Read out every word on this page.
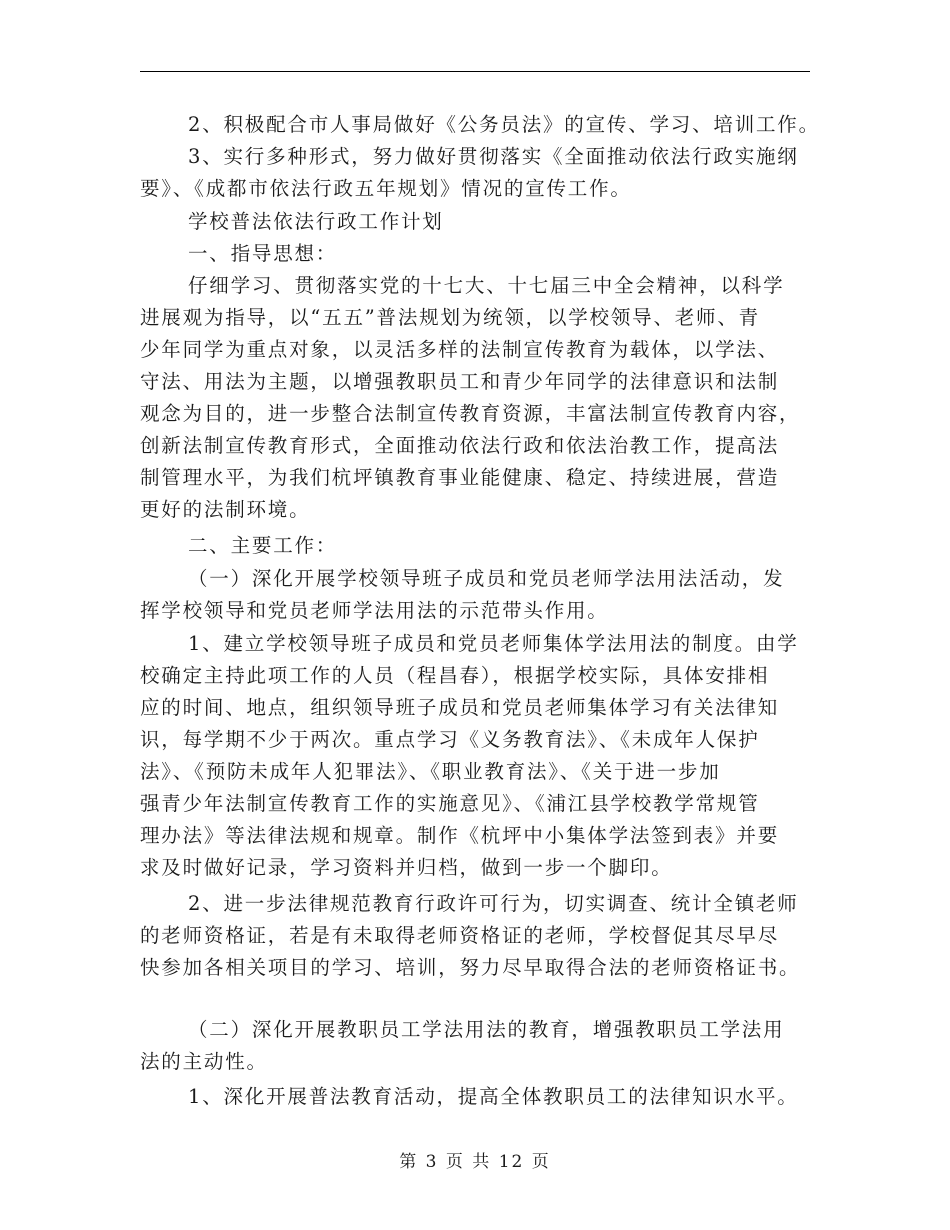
2、积极配合市人事局做好《公务员法》的宣传、学习、培训工作。
3、实行多种形式，努力做好贯彻落实《全面推动依法行政实施纲
要》、《成都市依法行政五年规划》情况的宣传工作。
学校普法依法行政工作计划
一、指导思想：
仔细学习、贯彻落实党的十七大、十七届三中全会精神，以科学
进展观为指导，以“五五”普法规划为统领，以学校领导、老师、青
少年同学为重点对象，以灵活多样的法制宣传教育为载体，以学法、
守法、用法为主题，以增强教职员工和青少年同学的法律意识和法制
观念为目的，进一步整合法制宣传教育资源，丰富法制宣传教育内容，
创新法制宣传教育形式，全面推动依法行政和依法治教工作，提高法
制管理水平，为我们杭坪镇教育事业能健康、稳定、持续进展，营造
更好的法制环境。
二、主要工作：
（一）深化开展学校领导班子成员和党员老师学法用法活动，发
挥学校领导和党员老师学法用法的示范带头作用。
1、建立学校领导班子成员和党员老师集体学法用法的制度。由学
校确定主持此项工作的人员（程昌春），根据学校实际，具体安排相
应的时间、地点，组织领导班子成员和党员老师集体学习有关法律知
识，每学期不少于两次。重点学习《义务教育法》、《未成年人保护
法》、《预防未成年人犯罪法》、《职业教育法》、《关于进一步加
强青少年法制宣传教育工作的实施意见》、《浦江县学校教学常规管
理办法》等法律法规和规章。制作《杭坪中小集体学法签到表》并要
求及时做好记录，学习资料并归档，做到一步一个脚印。
2、进一步法律规范教育行政许可行为，切实调查、统计全镇老师
的老师资格证，若是有未取得老师资格证的老师，学校督促其尽早尽
快参加各相关项目的学习、培训，努力尽早取得合法的老师资格证书。
（二）深化开展教职员工学法用法的教育，增强教职员工学法用
法的主动性。
1、深化开展普法教育活动，提高全体教职员工的法律知识水平。
第 3 页 共 12 页
